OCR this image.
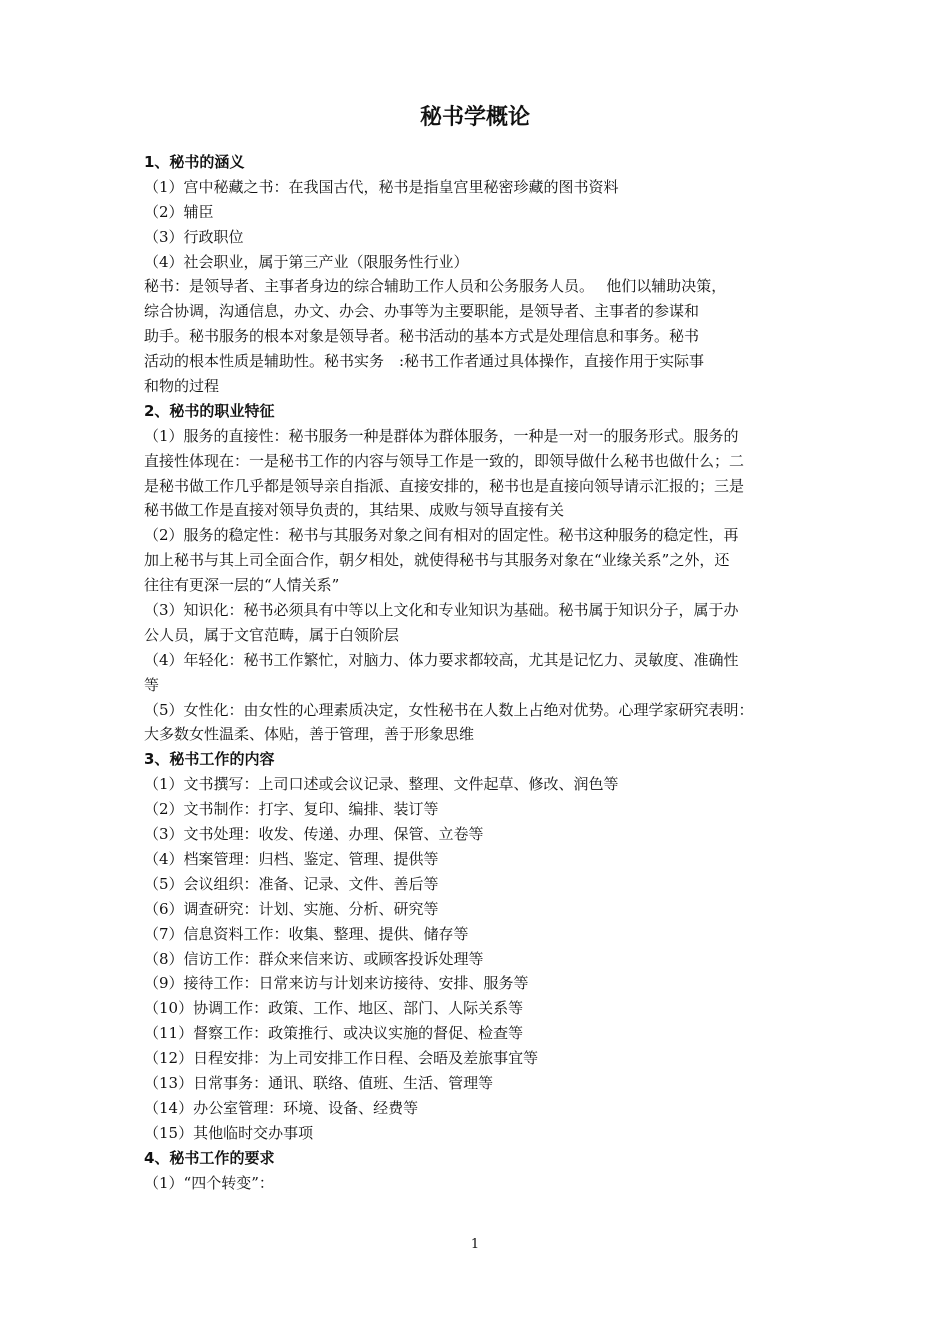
秘书学概论
1、秘书的涵义
（1）宫中秘藏之书：在我国古代，秘书是指皇宫里秘密珍藏的图书资料
（2）辅臣
（3）行政职位
（4）社会职业，属于第三产业（限服务性行业）
秘书：是领导者、主事者身边的综合辅助工作人员和公务服务人员。　 他们以辅助决策，
综合协调，沟通信息，办文、办会、办事等为主要职能，是领导者、主事者的参谋和
助手。秘书服务的根本对象是领导者。秘书活动的基本方式是处理信息和事务。秘书
活动的根本性质是辅助性。秘书实务　:秘书工作者通过具体操作，直接作用于实际事
和物的过程
2、秘书的职业特征
（1）服务的直接性：秘书服务一种是群体为群体服务，一种是一对一的服务形式。服务的
直接性体现在：一是秘书工作的内容与领导工作是一致的，即领导做什么秘书也做什么；二
是秘书做工作几乎都是领导亲自指派、直接安排的，秘书也是直接向领导请示汇报的；三是
秘书做工作是直接对领导负责的，其结果、成败与领导直接有关
（2）服务的稳定性：秘书与其服务对象之间有相对的固定性。秘书这种服务的稳定性，再
加上秘书与其上司全面合作，朝夕相处，就使得秘书与其服务对象在“业缘关系”之外，还
往往有更深一层的“人情关系”
（3）知识化：秘书必须具有中等以上文化和专业知识为基础。秘书属于知识分子，属于办
公人员，属于文官范畴，属于白领阶层
（4）年轻化：秘书工作繁忙，对脑力、体力要求都较高，尤其是记忆力、灵敏度、准确性
等
（5）女性化：由女性的心理素质决定，女性秘书在人数上占绝对优势。心理学家研究表明：
大多数女性温柔、体贴，善于管理，善于形象思维
3、秘书工作的内容
（1）文书撰写：上司口述或会议记录、整理、文件起草、修改、润色等
（2）文书制作：打字、复印、编排、装订等
（3）文书处理：收发、传递、办理、保管、立卷等
（4）档案管理：归档、鉴定、管理、提供等
（5）会议组织：准备、记录、文件、善后等
（6）调查研究：计划、实施、分析、研究等
（7）信息资料工作：收集、整理、提供、储存等
（8）信访工作：群众来信来访、或顾客投诉处理等
（9）接待工作：日常来访与计划来访接待、安排、服务等
（10）协调工作：政策、工作、地区、部门、人际关系等
（11）督察工作：政策推行、或决议实施的督促、检查等
（12）日程安排：为上司安排工作日程、会晤及差旅事宜等
（13）日常事务：通讯、联络、值班、生活、管理等
（14）办公室管理：环境、设备、经费等
（15）其他临时交办事项
4、秘书工作的要求
（1）“四个转变”：
1
